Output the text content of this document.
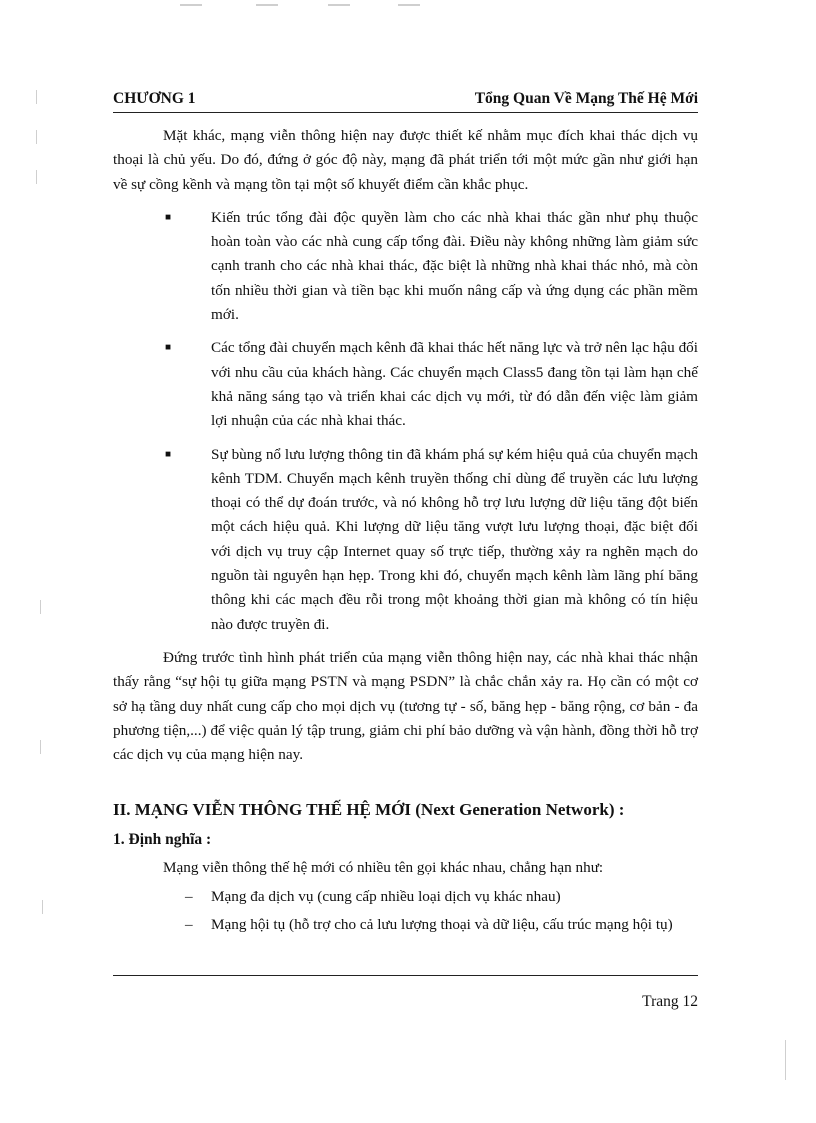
CHƯƠNG 1	Tổng Quan Về Mạng Thế Hệ Mới

Mặt khác, mạng viễn thông hiện nay được thiết kế nhằm mục đích khai thác dịch vụ thoại là chủ yếu. Do đó, đứng ở góc độ này, mạng đã phát triển tới một mức gần như giới hạn về sự cồng kềnh và mạng tồn tại một số khuyết điểm cần khắc phục.

■	Kiến trúc tổng đài độc quyền làm cho các nhà khai thác gần như phụ thuộc hoàn toàn vào các nhà cung cấp tổng đài. Điều này không những làm giảm sức cạnh tranh cho các nhà khai thác, đặc biệt là những nhà khai thác nhỏ, mà còn tốn nhiều thời gian và tiền bạc khi muốn nâng cấp và ứng dụng các phần mềm mới.

■	Các tổng đài chuyển mạch kênh đã khai thác hết năng lực và trở nên lạc hậu đối với nhu cầu của khách hàng. Các chuyển mạch Class5 đang tồn tại làm hạn chế khả năng sáng tạo và triển khai các dịch vụ mới, từ đó dẫn đến việc làm giảm lợi nhuận của các nhà khai thác.

■	Sự bùng nổ lưu lượng thông tin đã khám phá sự kém hiệu quả của chuyển mạch kênh TDM. Chuyển mạch kênh truyền thống chỉ dùng để truyền các lưu lượng thoại có thể dự đoán trước, và nó không hỗ trợ lưu lượng dữ liệu tăng đột biến một cách hiệu quả. Khi lượng dữ liệu tăng vượt lưu lượng thoại, đặc biệt đối với dịch vụ truy cập Internet quay số trực tiếp, thường xảy ra nghẽn mạch do nguồn tài nguyên hạn hẹp. Trong khi đó, chuyển mạch kênh làm lãng phí băng thông khi các mạch đều rỗi trong một khoảng thời gian mà không có tín hiệu nào được truyền đi.

Đứng trước tình hình phát triển của mạng viễn thông hiện nay, các nhà khai thác nhận thấy rằng “sự hội tụ giữa mạng PSTN và mạng PSDN” là chắc chắn xảy ra. Họ cần có một cơ sở hạ tầng duy nhất cung cấp cho mọi dịch vụ (tương tự - số, băng hẹp - băng rộng, cơ bản - đa phương tiện,...) để việc quản lý tập trung, giảm chi phí bảo dưỡng và vận hành, đồng thời hỗ trợ các dịch vụ của mạng hiện nay.

II. MẠNG VIỄN THÔNG THẾ HỆ MỚI (Next Generation Network) :

1. Định nghĩa :

Mạng viễn thông thế hệ mới có nhiều tên gọi khác nhau, chẳng hạn như:

– Mạng đa dịch vụ (cung cấp nhiều loại dịch vụ khác nhau)

– Mạng hội tụ (hỗ trợ cho cả lưu lượng thoại và dữ liệu, cấu trúc mạng hội tụ)

Trang 12
